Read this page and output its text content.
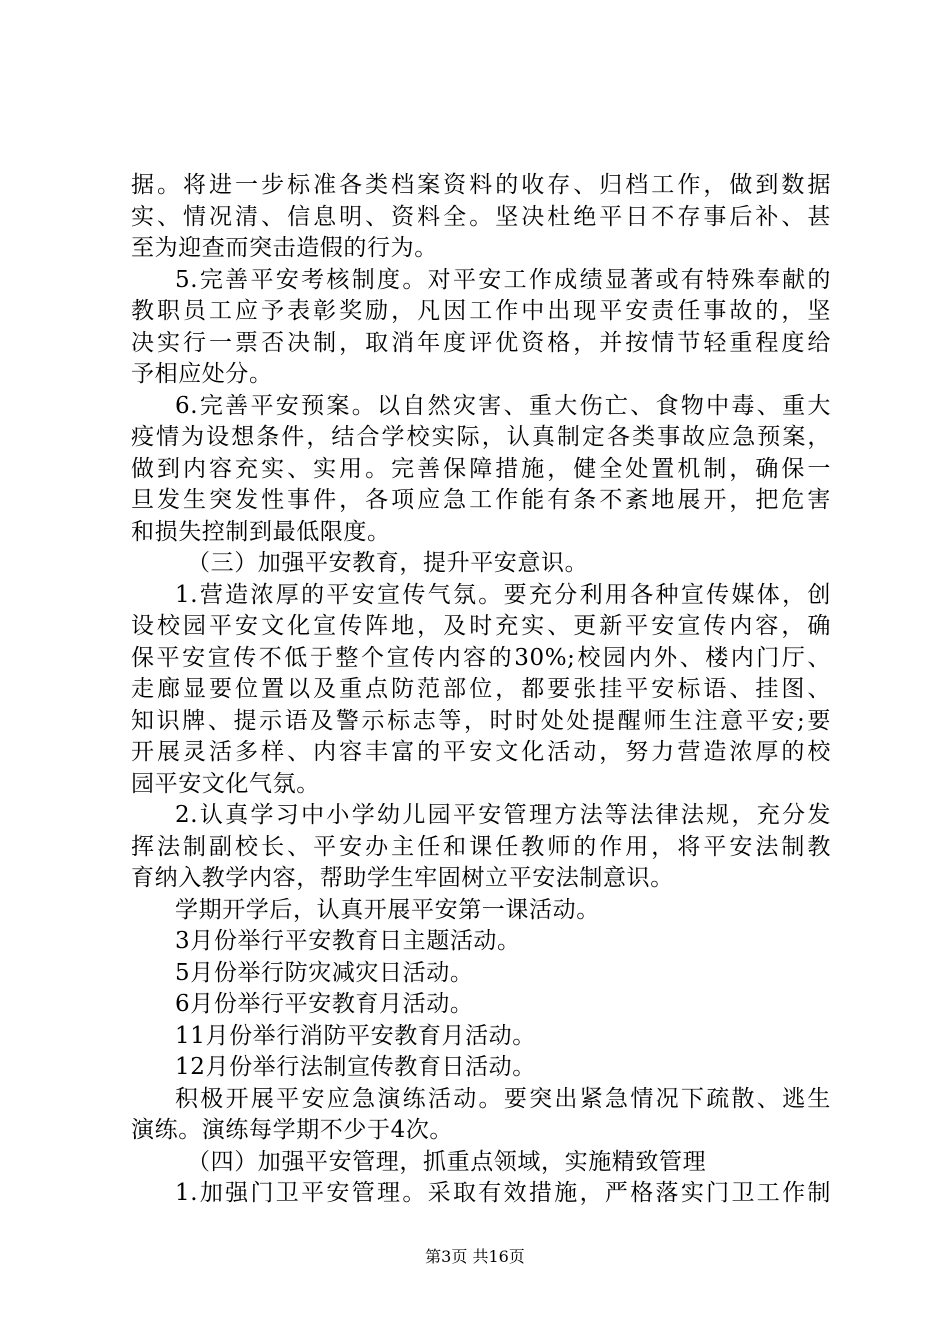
据。将进一步标准各类档案资料的收存、归档工作，做到数据
实、情况清、信息明、资料全。坚决杜绝平日不存事后补、甚
至为迎查而突击造假的行为。
5.完善平安考核制度。对平安工作成绩显著或有特殊奉献的
教职员工应予表彰奖励，凡因工作中出现平安责任事故的，坚
决实行一票否决制，取消年度评优资格，并按情节轻重程度给
予相应处分。
6.完善平安预案。以自然灾害、重大伤亡、食物中毒、重大
疫情为设想条件，结合学校实际，认真制定各类事故应急预案，
做到内容充实、实用。完善保障措施，健全处置机制，确保一
旦发生突发性事件，各项应急工作能有条不紊地展开，把危害
和损失控制到最低限度。
（三）加强平安教育，提升平安意识。
1.营造浓厚的平安宣传气氛。要充分利用各种宣传媒体，创
设校园平安文化宣传阵地，及时充实、更新平安宣传内容，确
保平安宣传不低于整个宣传内容的30%;校园内外、楼内门厅、
走廊显要位置以及重点防范部位，都要张挂平安标语、挂图、
知识牌、提示语及警示标志等，时时处处提醒师生注意平安;要
开展灵活多样、内容丰富的平安文化活动，努力营造浓厚的校
园平安文化气氛。
2.认真学习中小学幼儿园平安管理方法等法律法规，充分发
挥法制副校长、平安办主任和课任教师的作用，将平安法制教
育纳入教学内容，帮助学生牢固树立平安法制意识。
学期开学后，认真开展平安第一课活动。
3月份举行平安教育日主题活动。
5月份举行防灾减灾日活动。
6月份举行平安教育月活动。
11月份举行消防平安教育月活动。
12月份举行法制宣传教育日活动。
积极开展平安应急演练活动。要突出紧急情况下疏散、逃生
演练。演练每学期不少于4次。
（四）加强平安管理，抓重点领域，实施精致管理
1.加强门卫平安管理。采取有效措施，严格落实门卫工作制
第3页 共16页
